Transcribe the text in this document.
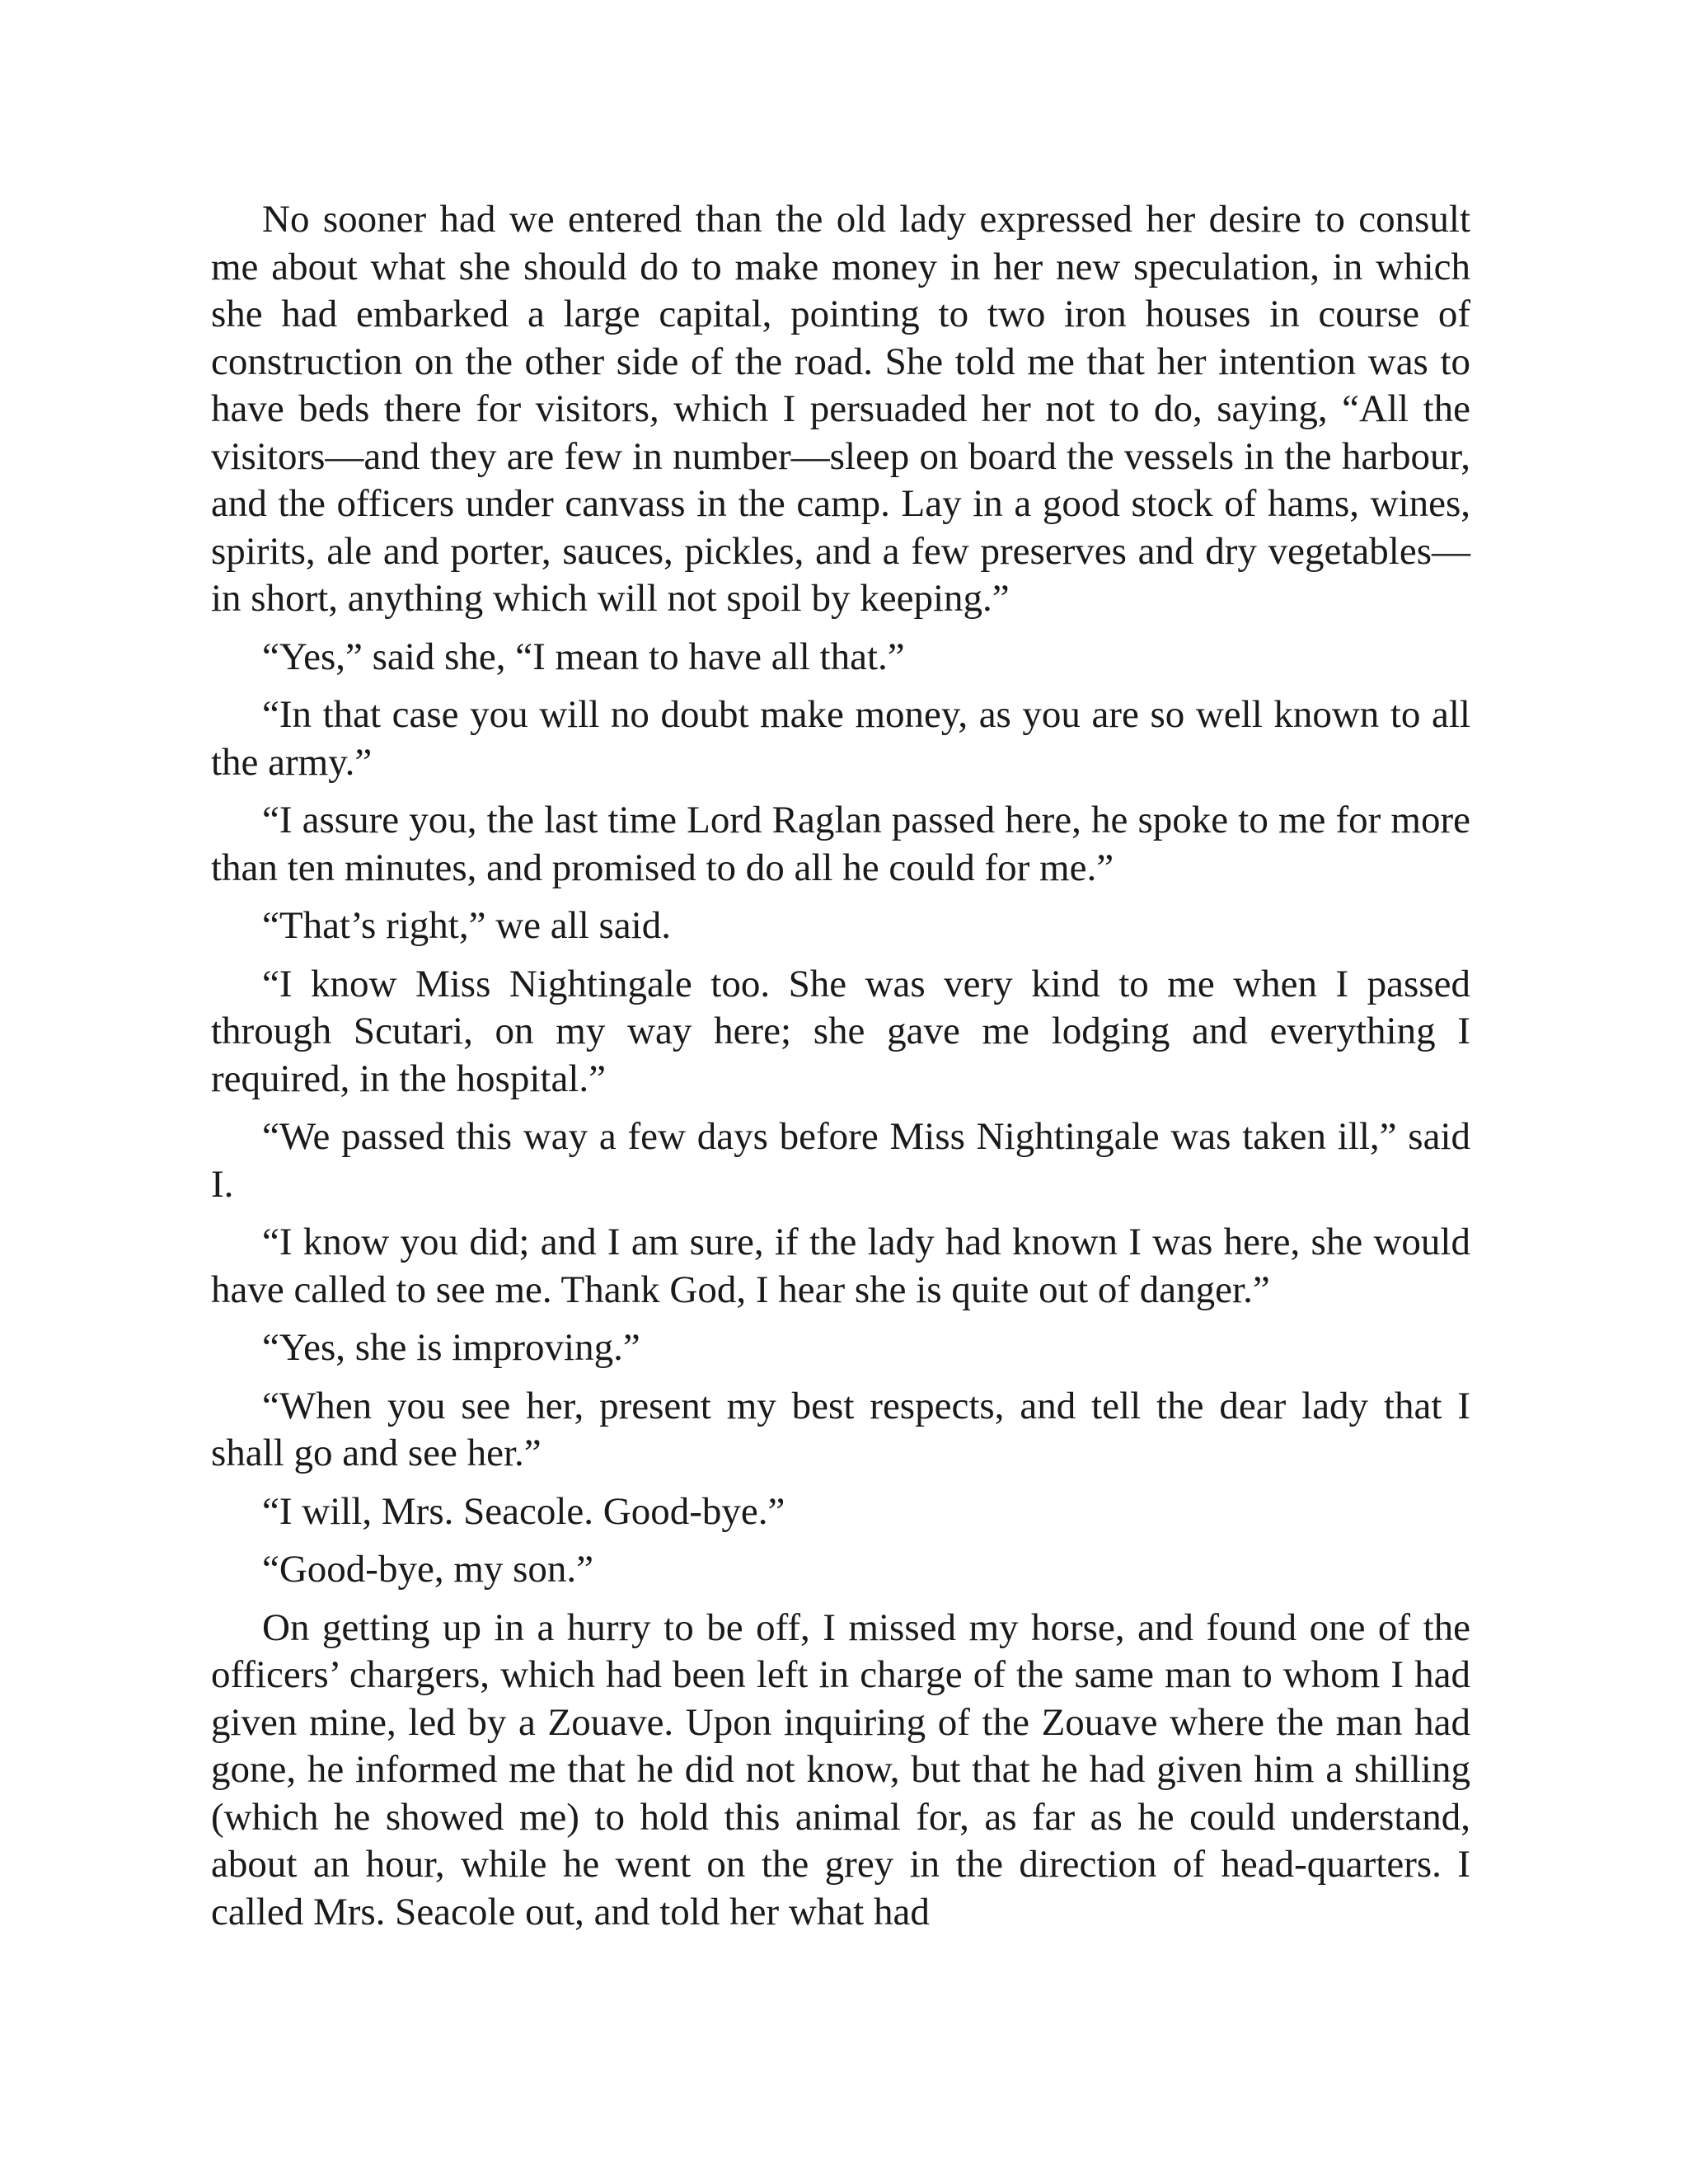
No sooner had we entered than the old lady expressed her desire to consult me about what she should do to make money in her new speculation, in which she had embarked a large capital, pointing to two iron houses in course of construction on the other side of the road. She told me that her intention was to have beds there for visitors, which I persuaded her not to do, saying, “All the visitors—and they are few in number—sleep on board the vessels in the harbour, and the officers under canvass in the camp. Lay in a good stock of hams, wines, spirits, ale and porter, sauces, pickles, and a few preserves and dry vegetables—in short, anything which will not spoil by keeping.”

“Yes,” said she, “I mean to have all that.”

“In that case you will no doubt make money, as you are so well known to all the army.”

“I assure you, the last time Lord Raglan passed here, he spoke to me for more than ten minutes, and promised to do all he could for me.”

“That’s right,” we all said.

“I know Miss Nightingale too. She was very kind to me when I passed through Scutari, on my way here; she gave me lodging and everything I required, in the hospital.”

“We passed this way a few days before Miss Nightingale was taken ill,” said I.

“I know you did; and I am sure, if the lady had known I was here, she would have called to see me. Thank God, I hear she is quite out of danger.”

“Yes, she is improving.”

“When you see her, present my best respects, and tell the dear lady that I shall go and see her.”

“I will, Mrs. Seacole. Good-bye.”

“Good-bye, my son.”

On getting up in a hurry to be off, I missed my horse, and found one of the officers’ chargers, which had been left in charge of the same man to whom I had given mine, led by a Zouave. Upon inquiring of the Zouave where the man had gone, he informed me that he did not know, but that he had given him a shilling (which he showed me) to hold this animal for, as far as he could understand, about an hour, while he went on the grey in the direction of head-quarters. I called Mrs. Seacole out, and told her what had
